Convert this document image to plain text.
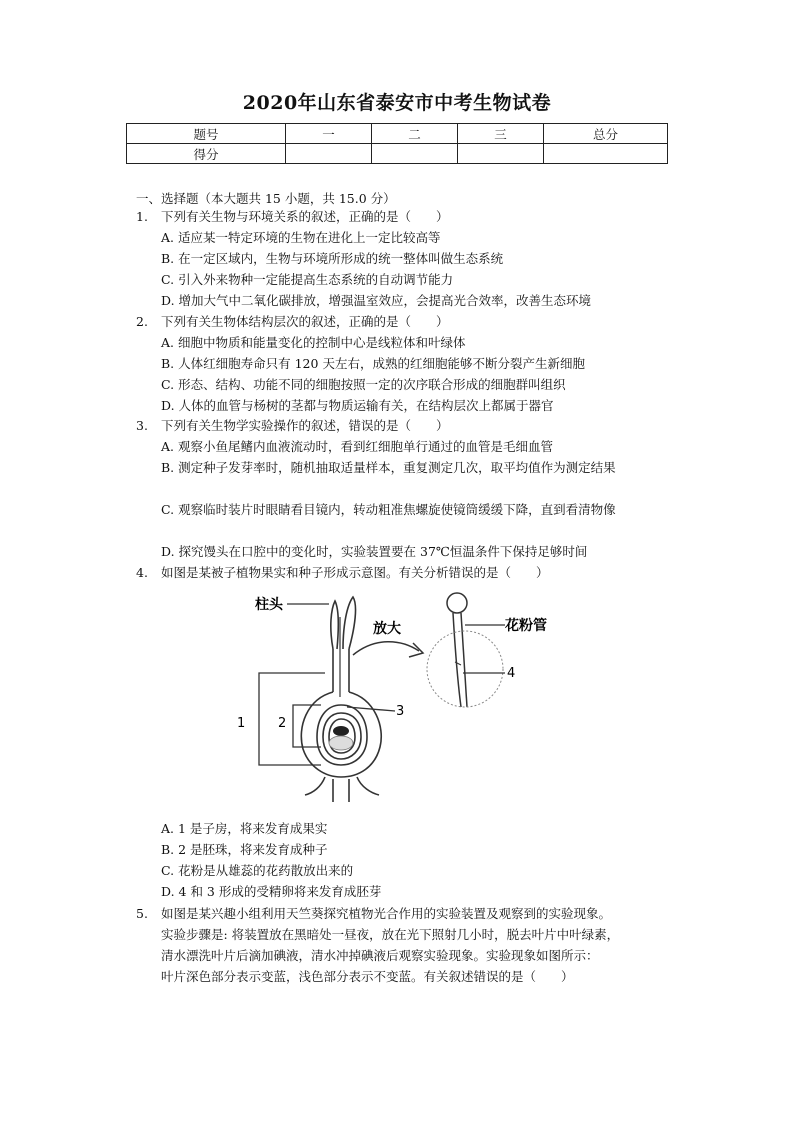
2020年山东省泰安市中考生物试卷
题号	一	二	三	总分
得分				
一、选择题（本大题共 15 小题，共 15.0 分）
1. 下列有关生物与环境关系的叙述，正确的是（　　）
A. 适应某一特定环境的生物在进化上一定比较高等
B. 在一定区域内，生物与环境所形成的统一整体叫做生态系统
C. 引入外来物种一定能提高生态系统的自动调节能力
D. 增加大气中二氧化碳排放，增强温室效应，会提高光合效率，改善生态环境
2. 下列有关生物体结构层次的叙述，正确的是（　　）
A. 细胞中物质和能量变化的控制中心是线粒体和叶绿体
B. 人体红细胞寿命只有 120 天左右，成熟的红细胞能够不断分裂产生新细胞
C. 形态、结构、功能不同的细胞按照一定的次序联合形成的细胞群叫组织
D. 人体的血管与杨树的茎都与物质运输有关，在结构层次上都属于器官
3. 下列有关生物学实验操作的叙述，错误的是（　　）
A. 观察小鱼尾鳍内血液流动时，看到红细胞单行通过的血管是毛细血管
B. 测定种子发芽率时，随机抽取适量样本，重复测定几次，取平均值作为测定结果
C. 观察临时装片时眼睛看目镜内，转动粗准焦螺旋使镜筒缓缓下降，直到看清物像
D. 探究馒头在口腔中的变化时，实验装置要在 37℃恒温条件下保持足够时间
4. 如图是某被子植物果实和种子形成示意图。有关分析错误的是（　　）
1	2
3
柱头
放大	花粉管
4
A. 1 是子房，将来发育成果实
B. 2 是胚珠，将来发育成种子
C. 花粉是从雄蕊的花药散放出来的
D. 4 和 3 形成的受精卵将来发育成胚芽
5. 如图是某兴趣小组利用天竺葵探究植物光合作用的实验装置及观察到的实验现象。
实验步骤是: 将装置放在黑暗处一昼夜，放在光下照射几小时，脱去叶片中叶绿素，
清水漂洗叶片后滴加碘液，清水冲掉碘液后观察实验现象。实验现象如图所示：
叶片深色部分表示变蓝，浅色部分表示不变蓝。有关叙述错误的是（　　）
